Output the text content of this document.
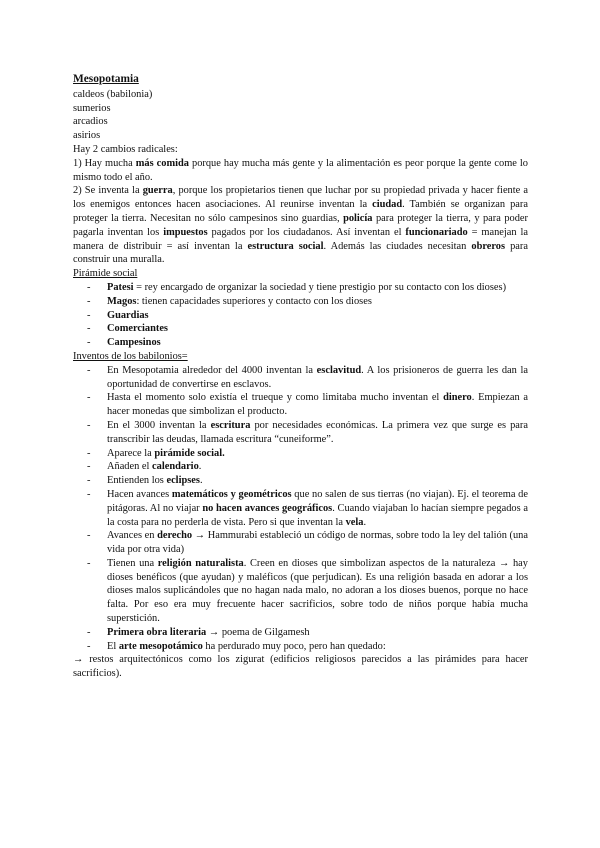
Mesopotamia
caldeos (babilonia)
sumerios
arcadios
asirios
Hay 2 cambios radicales:
1) Hay mucha más comida porque hay mucha más gente y la alimentación es peor porque la gente come lo mismo todo el año.
2) Se inventa la guerra, porque los propietarios tienen que luchar por su propiedad privada y hacer fiente a los enemigos entonces hacen asociaciones. Al reunirse inventan la ciudad. También se organizan para proteger la tierra. Necesitan no sólo campesinos sino guardias, policía para proteger la tierra, y para poder pagarla inventan los impuestos pagados por los ciudadanos. Así inventan el funcionariado = manejan la manera de distribuir = así inventan la estructura social. Además las ciudades necesitan obreros para construir una muralla.
Pirámide social
- Patesi = rey encargado de organizar la sociedad y tiene prestigio por su contacto con los dioses)
- Magos: tienen capacidades superiores y contacto con los dioses
- Guardias
- Comerciantes
- Campesinos
Inventos de los babilonios=
- En Mesopotamia alrededor del 4000 inventan la esclavitud. A los prisioneros de guerra les dan la oportunidad de convertirse en esclavos.
- Hasta el momento solo existía el trueque y como limitaba mucho inventan el dinero. Empiezan a hacer monedas que simbolizan el producto.
- En el 3000 inventan la escritura por necesidades económicas. La primera vez que surge es para transcribir las deudas, llamada escritura “cuneiforme”.
- Aparece la pirámide social.
- Añaden el calendario.
- Entienden los eclipses.
- Hacen avances matemáticos y geométricos que no salen de sus tierras (no viajan). Ej. el teorema de pitágoras. Al no viajar no hacen avances geográficos. Cuando viajaban lo hacían siempre pegados a la costa para no perderla de vista. Pero si que inventan la vela.
- Avances en derecho → Hammurabi estableció un código de normas, sobre todo la ley del talión (una vida por otra vida)
- Tienen una religión naturalista. Creen en dioses que simbolizan aspectos de la naturaleza → hay dioses benéficos (que ayudan) y maléficos (que perjudican). Es una religión basada en adorar a los dioses malos suplicándoles que no hagan nada malo, no adoran a los dioses buenos, porque no hace falta. Por eso era muy frecuente hacer sacrificios, sobre todo de niños porque había mucha superstición.
- Primera obra literaria → poema de Gilgamesh
- El arte mesopotámico ha perdurado muy poco, pero han quedado:
→ restos arquitectónicos como los zigurat (edificios religiosos parecidos a las pirámides para hacer sacrificios).
